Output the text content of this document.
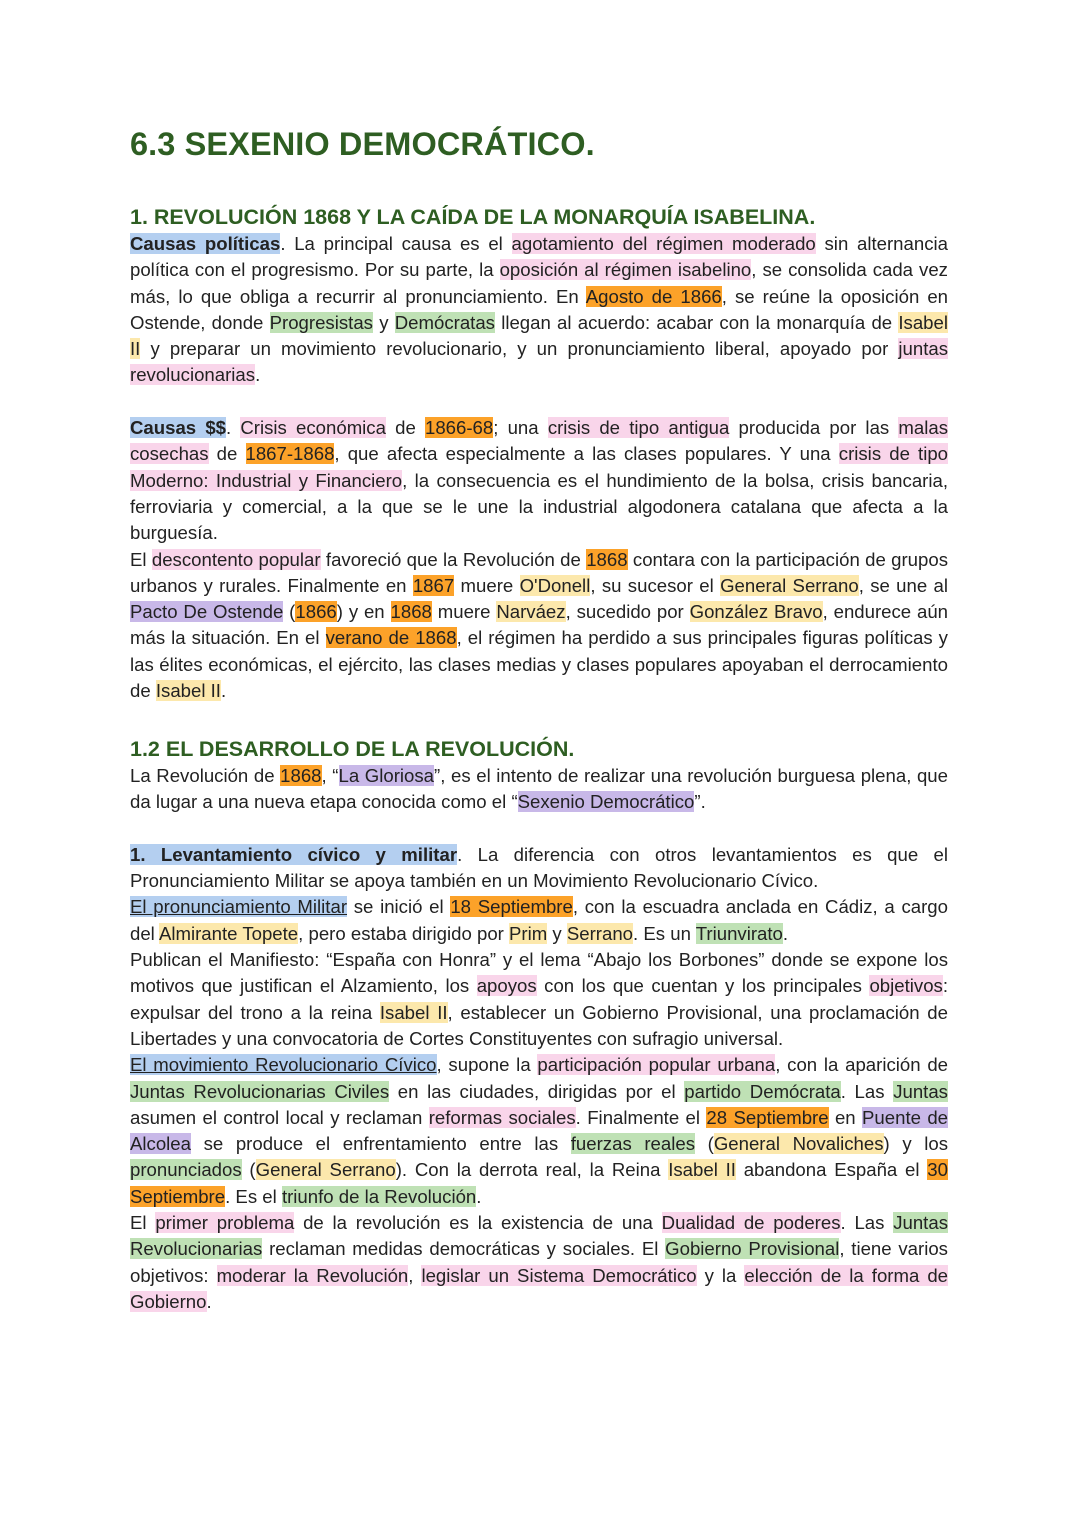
6.3 SEXENIO DEMOCRÁTICO.
1. REVOLUCIÓN 1868 Y LA CAÍDA DE LA MONARQUÍA ISABELINA.

Causas políticas. La principal causa es el agotamiento del régimen moderado sin alternancia política con el progresismo. Por su parte, la oposición al régimen isabelino, se consolida cada vez más, lo que obliga a recurrir al pronunciamiento. En Agosto de 1866, se reúne la oposición en Ostende, donde Progresistas y Demócratas llegan al acuerdo: acabar con la monarquía de Isabel II y preparar un movimiento revolucionario, y un pronunciamiento liberal, apoyado por juntas revolucionarias.

Causas $$. Crisis económica de 1866-68; una crisis de tipo antigua producida por las malas cosechas de 1867-1868, que afecta especialmente a las clases populares. Y una crisis de tipo Moderno: Industrial y Financiero, la consecuencia es el hundimiento de la bolsa, crisis bancaria, ferroviaria y comercial, a la que se le une la industrial algodonera catalana que afecta a la burguesía.

El descontento popular favoreció que la Revolución de 1868 contara con la participación de grupos urbanos y rurales. Finalmente en 1867 muere O'Donell, su sucesor el General Serrano, se une al Pacto De Ostende (1866) y en 1868 muere Narváez, sucedido por González Bravo, endurece aún más la situación. En el verano de 1868, el régimen ha perdido a sus principales figuras políticas y las élites económicas, el ejército, las clases medias y clases populares apoyaban el derrocamiento de Isabel II.

1.2 EL DESARROLLO DE LA REVOLUCIÓN.

La Revolución de 1868, “La Gloriosa”, es el intento de realizar una revolución burguesa plena, que da lugar a una nueva etapa conocida como el “Sexenio Democrático”.

1. Levantamiento cívico y militar. La diferencia con otros levantamientos es que el Pronunciamiento Militar se apoya también en un Movimiento Revolucionario Cívico.

El pronunciamiento Militar se inició el 18 Septiembre, con la escuadra anclada en Cádiz, a cargo del Almirante Topete, pero estaba dirigido por Prim y Serrano. Es un Triunvirato.

Publican el Manifiesto: “España con Honra” y el lema “Abajo los Borbones” donde se expone los motivos que justifican el Alzamiento, los apoyos con los que cuentan y los principales objetivos: expulsar del trono a la reina Isabel II, establecer un Gobierno Provisional, una proclamación de Libertades y una convocatoria de Cortes Constituyentes con sufragio universal.

El movimiento Revolucionario Cívico, supone la participación popular urbana, con la aparición de Juntas Revolucionarias Civiles en las ciudades, dirigidas por el partido Demócrata. Las Juntas asumen el control local y reclaman reformas sociales. Finalmente el 28 Septiembre en Puente de Alcolea se produce el enfrentamiento entre las fuerzas reales (General Novaliches) y los pronunciados (General Serrano). Con la derrota real, la Reina Isabel II abandona España el 30 Septiembre. Es el triunfo de la Revolución.

El primer problema de la revolución es la existencia de una Dualidad de poderes. Las Juntas Revolucionarias reclaman medidas democráticas y sociales. El Gobierno Provisional, tiene varios objetivos: moderar la Revolución, legislar un Sistema Democrático y la elección de la forma de Gobierno.
